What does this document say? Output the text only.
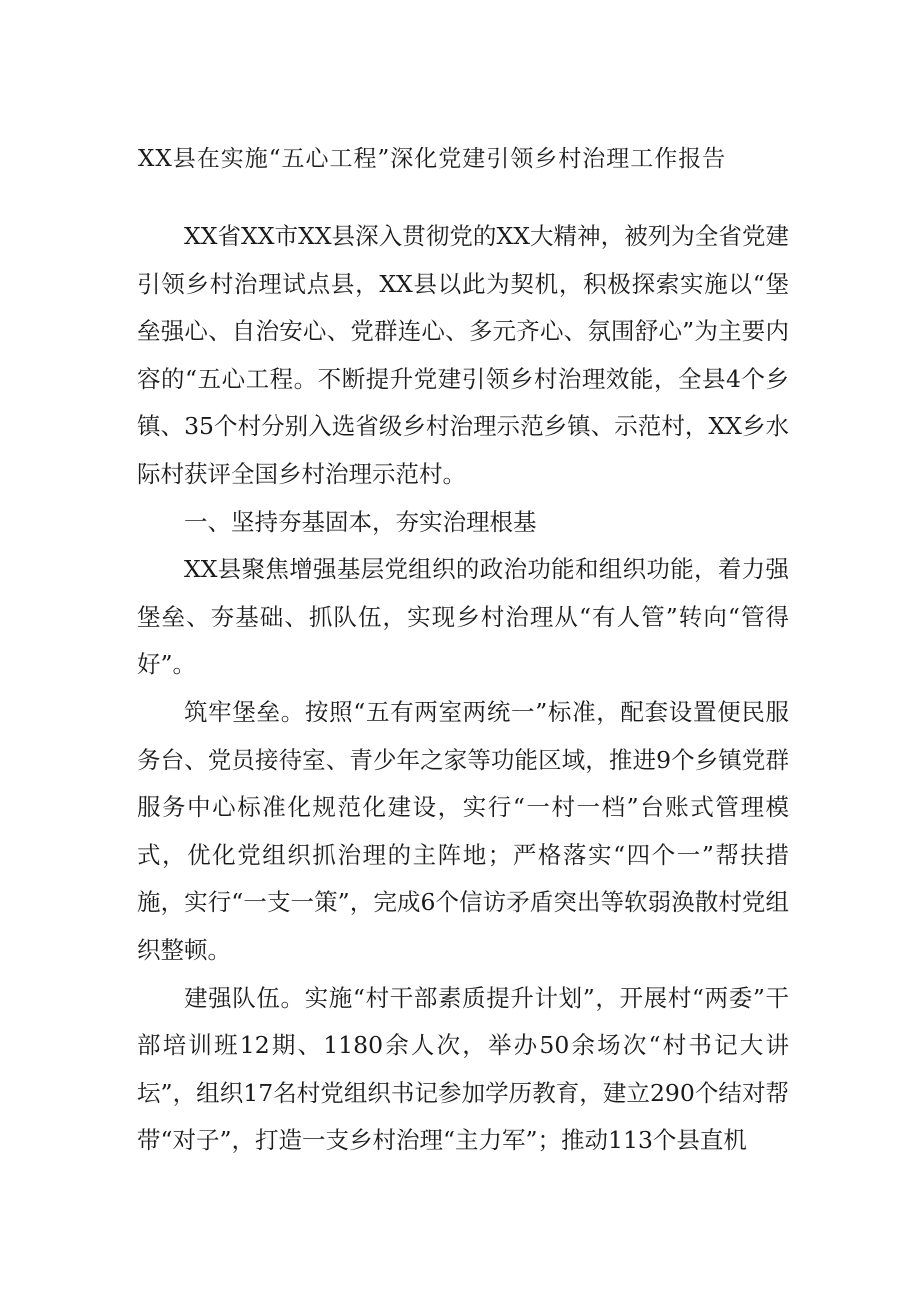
XX县在实施“五心工程”深化党建引领乡村治理工作报告

XX省XX市XX县深入贯彻党的XX大精神，被列为全省党建引领乡村治理试点县，XX县以此为契机，积极探索实施以“堡垒强心、自治安心、党群连心、多元齐心、氛围舒心”为主要内容的“五心工程。不断提升党建引领乡村治理效能，全县4个乡镇、35个村分别入选省级乡村治理示范乡镇、示范村，XX乡水际村获评全国乡村治理示范村。

一、坚持夯基固本，夯实治理根基

XX县聚焦增强基层党组织的政治功能和组织功能，着力强堡垒、夯基础、抓队伍，实现乡村治理从“有人管”转向“管得好”。

筑牢堡垒。按照“五有两室两统一”标准，配套设置便民服务台、党员接待室、青少年之家等功能区域，推进9个乡镇党群服务中心标准化规范化建设，实行“一村一档”台账式管理模式，优化党组织抓治理的主阵地；严格落实“四个一”帮扶措施，实行“一支一策”，完成6个信访矛盾突出等软弱涣散村党组织整顿。

建强队伍。实施“村干部素质提升计划”，开展村“两委”干部培训班12期、1180余人次，举办50余场次“村书记大讲坛”，组织17名村党组织书记参加学历教育，建立290个结对帮带“对子”，打造一支乡村治理“主力军”；推动113个县直机
